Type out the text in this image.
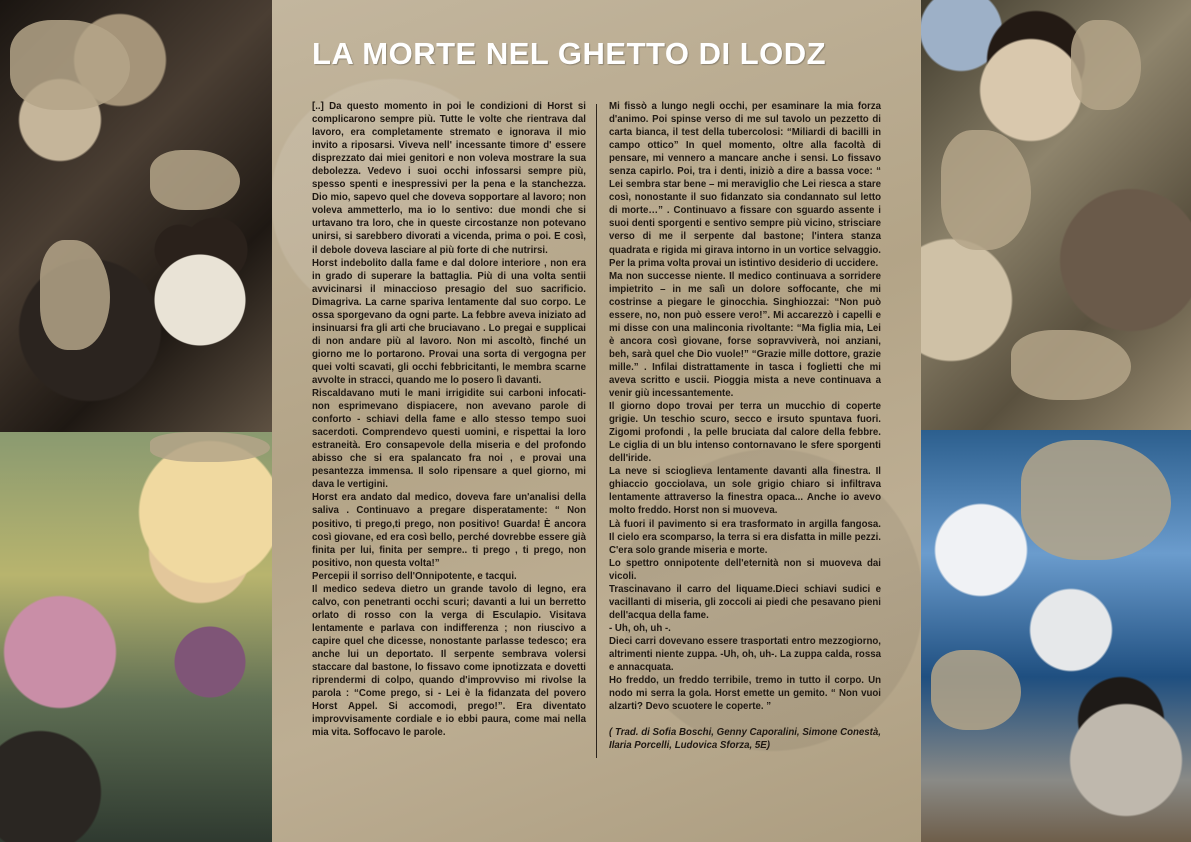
LA MORTE NEL GHETTO DI LODZ

[..] Da questo momento in poi le condizioni di Horst si complicarono sempre più. Tutte le volte che rientrava dal lavoro, era completamente stremato e ignorava il mio invito a riposarsi. Viveva nell' incessante timore d' essere disprezzato dai miei genitori e non voleva mostrare la sua debolezza. Vedevo i suoi occhi infossarsi sempre più, spesso spenti e inespressivi per la pena e la stanchezza. Dio mio, sapevo quel che doveva sopportare al lavoro; non voleva ammetterlo, ma io lo sentivo: due mondi che si urtavano tra loro, che in queste circostanze non potevano unirsi, si sarebbero divorati a vicenda, prima o poi. E così, il debole doveva lasciare al più forte di che nutrirsi.

Horst indebolito dalla fame e dal dolore interiore , non era in grado di superare la battaglia. Più di una volta sentii avvicinarsi il minaccioso presagio del suo sacrificio. Dimagriva. La carne spariva lentamente dal suo corpo. Le ossa sporgevano da ogni parte. La febbre aveva iniziato ad insinuarsi fra gli arti che bruciavano . Lo pregai e supplicai di non andare più al lavoro. Non mi ascoltò, finché un giorno me lo portarono. Provai una sorta di vergogna per quei volti scavati, gli occhi febbricitanti, le membra scarne avvolte in stracci, quando me lo posero lì davanti.

Riscaldavano muti le mani irrigidite sui carboni infocati- non esprimevano dispiacere, non avevano parole di conforto - schiavi della fame e allo stesso tempo suoi sacerdoti. Comprendevo questi uomini, e rispettai la loro estraneità. Ero consapevole della miseria e del profondo abisso che si era spalancato fra noi , e provai una pesantezza immensa. Il solo ripensare a quel giorno, mi dava le vertigini.

Horst era andato dal medico, doveva fare un'analisi della saliva . Continuavo a pregare disperatamente: “ Non positivo, ti prego,ti prego, non positivo! Guarda! È ancora così giovane, ed era così bello, perché dovrebbe essere già finita per lui, finita per sempre.. ti prego , ti prego, non positivo, non questa volta!”

Percepii il sorriso dell'Onnipotente, e tacqui.

Il medico sedeva dietro un grande tavolo di legno, era calvo, con penetranti occhi scuri; davanti a lui un berretto orlato di rosso con la verga di Esculapio. Visitava lentamente e parlava con indifferenza ; non riuscivo a capire quel che dicesse, nonostante parlasse tedesco; era anche lui un deportato. Il serpente sembrava volersi staccare dal bastone, lo fissavo come ipnotizzata e dovetti riprendermi di colpo, quando d'improvviso mi rivolse la parola : “Come prego, si - Lei è la fidanzata del povero Horst Appel. Si accomodi, prego!”. Era diventato improvvisamente cordiale e io ebbi paura, come mai nella mia vita. Soffocavo le parole.

Mi fissò a lungo negli occhi, per esaminare la mia forza d'animo. Poi spinse verso di me sul tavolo un pezzetto di carta bianca, il test della tubercolosi: “Miliardi di bacilli in campo ottico” In quel momento, oltre alla facoltà di pensare, mi vennero a mancare anche i sensi. Lo fissavo senza capirlo. Poi, tra i denti, iniziò a dire a bassa voce: “ Lei sembra star bene – mi meraviglio che Lei riesca a stare così, nonostante il suo fidanzato sia condannato sul letto di morte…” . Continuavo a fissare con sguardo assente i suoi denti sporgenti e sentivo sempre più vicino, strisciare verso di me il serpente dal bastone; l'intera stanza quadrata e rigida mi girava intorno in un vortice selvaggio. Per la prima volta provai un istintivo desiderio di uccidere.

Ma non successe niente. Il medico continuava a sorridere impietrito – in me salì un dolore soffocante, che mi costrinse a piegare le ginocchia. Singhiozzai: “Non può essere, no, non può essere vero!”. Mi accarezzò i capelli e mi disse con una malinconia rivoltante: “Ma figlia mia, Lei è ancora così giovane, forse sopravviverà, noi anziani, beh, sarà quel che Dio vuole!” “Grazie mille dottore, grazie mille.” . Infilai distrattamente in tasca i foglietti che mi aveva scritto e uscii. Pioggia mista a neve continuava a venir giù incessantemente.

Il giorno dopo trovai per terra un mucchio di coperte grigie. Un teschio scuro, secco e irsuto spuntava fuori. Zigomi profondi , la pelle bruciata dal calore della febbre. Le ciglia di un blu intenso contornavano le sfere sporgenti dell'iride.

La neve si scioglieva lentamente davanti alla finestra. Il ghiaccio gocciolava, un sole grigio chiaro si infiltrava lentamente attraverso la finestra opaca... Anche io avevo molto freddo. Horst non si muoveva.

Là fuori il pavimento si era trasformato in argilla fangosa. Il cielo era scomparso, la terra si era disfatta in mille pezzi. C'era solo grande miseria e morte.

Lo spettro onnipotente dell'eternità non si muoveva dai vicoli.

Trascinavano il carro del liquame.Dieci schiavi sudici e vacillanti di miseria, gli zoccoli ai piedi che pesavano pieni dell'acqua della fame.

- Uh, oh, uh -.

Dieci carri dovevano essere trasportati entro mezzogiorno, altrimenti niente zuppa. -Uh, oh, uh-. La zuppa calda, rossa e annacquata.

Ho freddo, un freddo terribile, tremo in tutto il corpo. Un nodo mi serra la gola. Horst emette un gemito. “ Non vuoi alzarti? Devo scuotere le coperte. ”

( Trad. di Sofia Boschi, Genny Caporalini, Simone Conestà, Ilaria Porcelli, Ludovica Sforza, 5E)
